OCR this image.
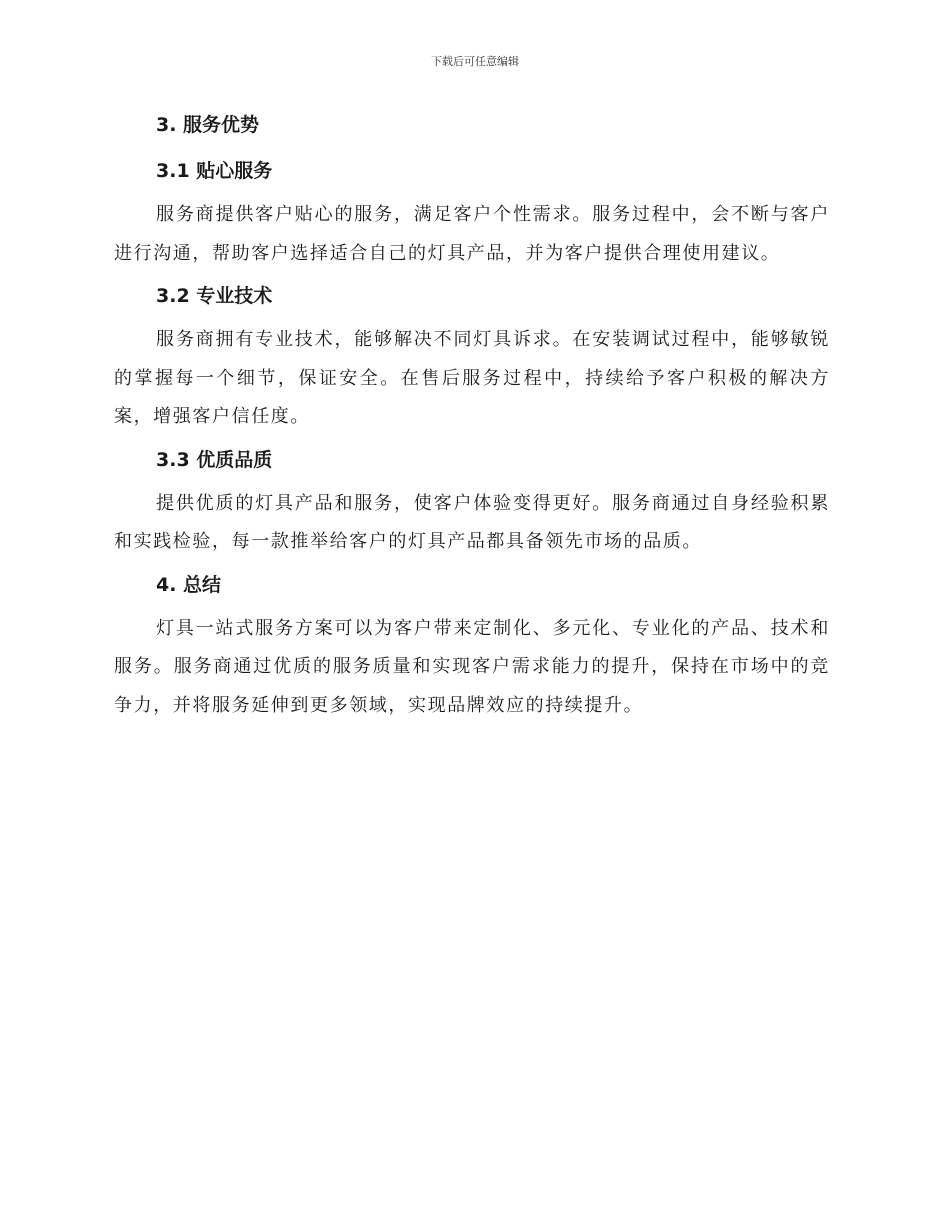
下载后可任意编辑
3. 服务优势
3.1 贴心服务

服务商提供客户贴心的服务，满足客户个性需求。服务过程中，会不断与客户进行沟通，帮助客户选择适合自己的灯具产品，并为客户提供合理使用建议。

3.2 专业技术

服务商拥有专业技术，能够解决不同灯具诉求。在安装调试过程中，能够敏锐的掌握每一个细节，保证安全。在售后服务过程中，持续给予客户积极的解决方案，增强客户信任度。

3.3 优质品质

提供优质的灯具产品和服务，使客户体验变得更好。服务商通过自身经验积累和实践检验，每一款推举给客户的灯具产品都具备领先市场的品质。

4. 总结

灯具一站式服务方案可以为客户带来定制化、多元化、专业化的产品、技术和服务。服务商通过优质的服务质量和实现客户需求能力的提升，保持在市场中的竞争力，并将服务延伸到更多领域，实现品牌效应的持续提升。
